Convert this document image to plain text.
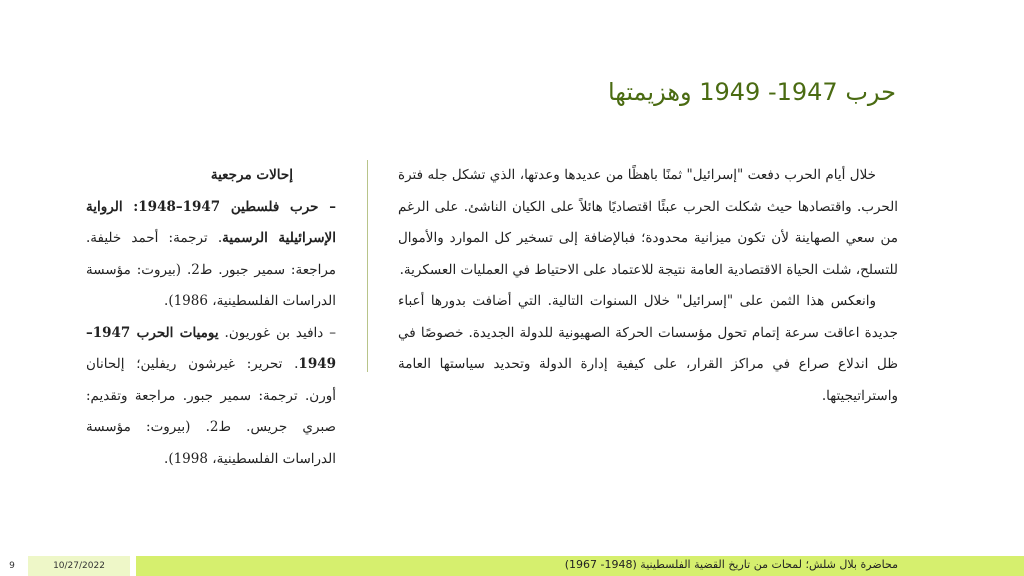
حرب 1947- 1949 وهزيمتها

خلال أيام الحرب دفعت "إسرائيل" ثمنًا باهظًا من عديدها وعدتها، الذي تشكل جله فترة الحرب. واقتصادها حيث شكلت الحرب عبئًا اقتصاديًا هائلاً على الكيان الناشئ. على الرغم من سعي الصهاينة لأن تكون ميزانية محدودة؛ فبالإضافة إلى تسخير كل الموارد والأموال للتسلح، شلت الحياة الاقتصادية العامة نتيجة للاعتماد على الاحتياط في العمليات العسكرية.

وانعكس هذا الثمن على "إسرائيل" خلال السنوات التالية. التي أضافت بدورها أعباء جديدة اعاقت سرعة إتمام تحول مؤسسات الحركة الصهيونية للدولة الجديدة. خصوصًا في ظل اندلاع صراع في مراكز القرار، على كيفية إدارة الدولة وتحديد سياستها العامة واستراتيجيتها.

إحالات مرجعية

– حرب فلسطين 1947–1948: الرواية الإسرائيلية الرسمية. ترجمة: أحمد خليفة. مراجعة: سمير جبور. ط2. (بيروت: مؤسسة الدراسات الفلسطينية، 1986).

– دافيد بن غوريون. يوميات الحرب 1947– 1949. تحرير: غيرشون ريفلين؛ إلحانان أورن. ترجمة: سمير جبور. مراجعة وتقديم: صبري جريس. ط2. (بيروت: مؤسسة الدراسات الفلسطينية، 1998).

محاضرة بلال شلش؛ لمحات من تاريخ القضية الفلسطينية (1948- 1967)
10/27/2022
9
